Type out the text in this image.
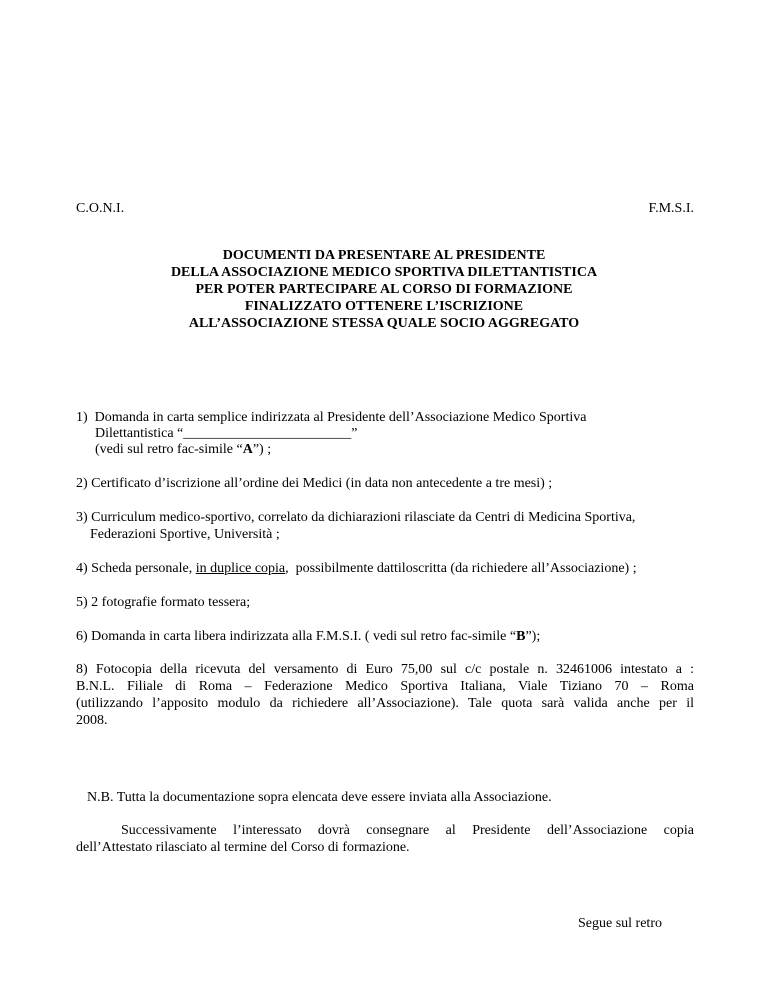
C.O.N.I.	F.M.S.I.
DOCUMENTI DA PRESENTARE AL PRESIDENTE
DELLA ASSOCIAZIONE MEDICO SPORTIVA DILETTANTISTICA
PER POTER PARTECIPARE AL CORSO DI FORMAZIONE
FINALIZZATO OTTENERE L’ISCRIZIONE
ALL’ASSOCIAZIONE STESSA QUALE SOCIO AGGREGATO
1)  Domanda in carta semplice indirizzata al Presidente dell’Associazione Medico Sportiva
Dilettantistica “________________________”
(vedi sul retro fac-simile “A”) ;
2) Certificato d’iscrizione all’ordine dei Medici (in data non antecedente a tre mesi) ;
3) Curriculum medico-sportivo, correlato da dichiarazioni rilasciate da Centri di Medicina Sportiva,
Federazioni Sportive, Università ;
4) Scheda personale, in duplice copia,  possibilmente dattiloscritta (da richiedere all’Associazione) ;
5) 2 fotografie formato tessera;
6) Domanda in carta libera indirizzata alla F.M.S.I. ( vedi sul retro fac-simile “B”);
8) Fotocopia della ricevuta del versamento di Euro 75,00 sul c/c postale n. 32461006 intestato a :
B.N.L. Filiale di Roma – Federazione Medico Sportiva Italiana, Viale Tiziano 70 – Roma
(utilizzando l’apposito modulo da richiedere all’Associazione). Tale quota sarà valida anche per il
2008.
N.B. Tutta la documentazione sopra elencata deve essere inviata alla Associazione.
Successivamente l’interessato dovrà consegnare al Presidente dell’Associazione copia
dell’Attestato rilasciato al termine del Corso di formazione.
Segue sul retro
